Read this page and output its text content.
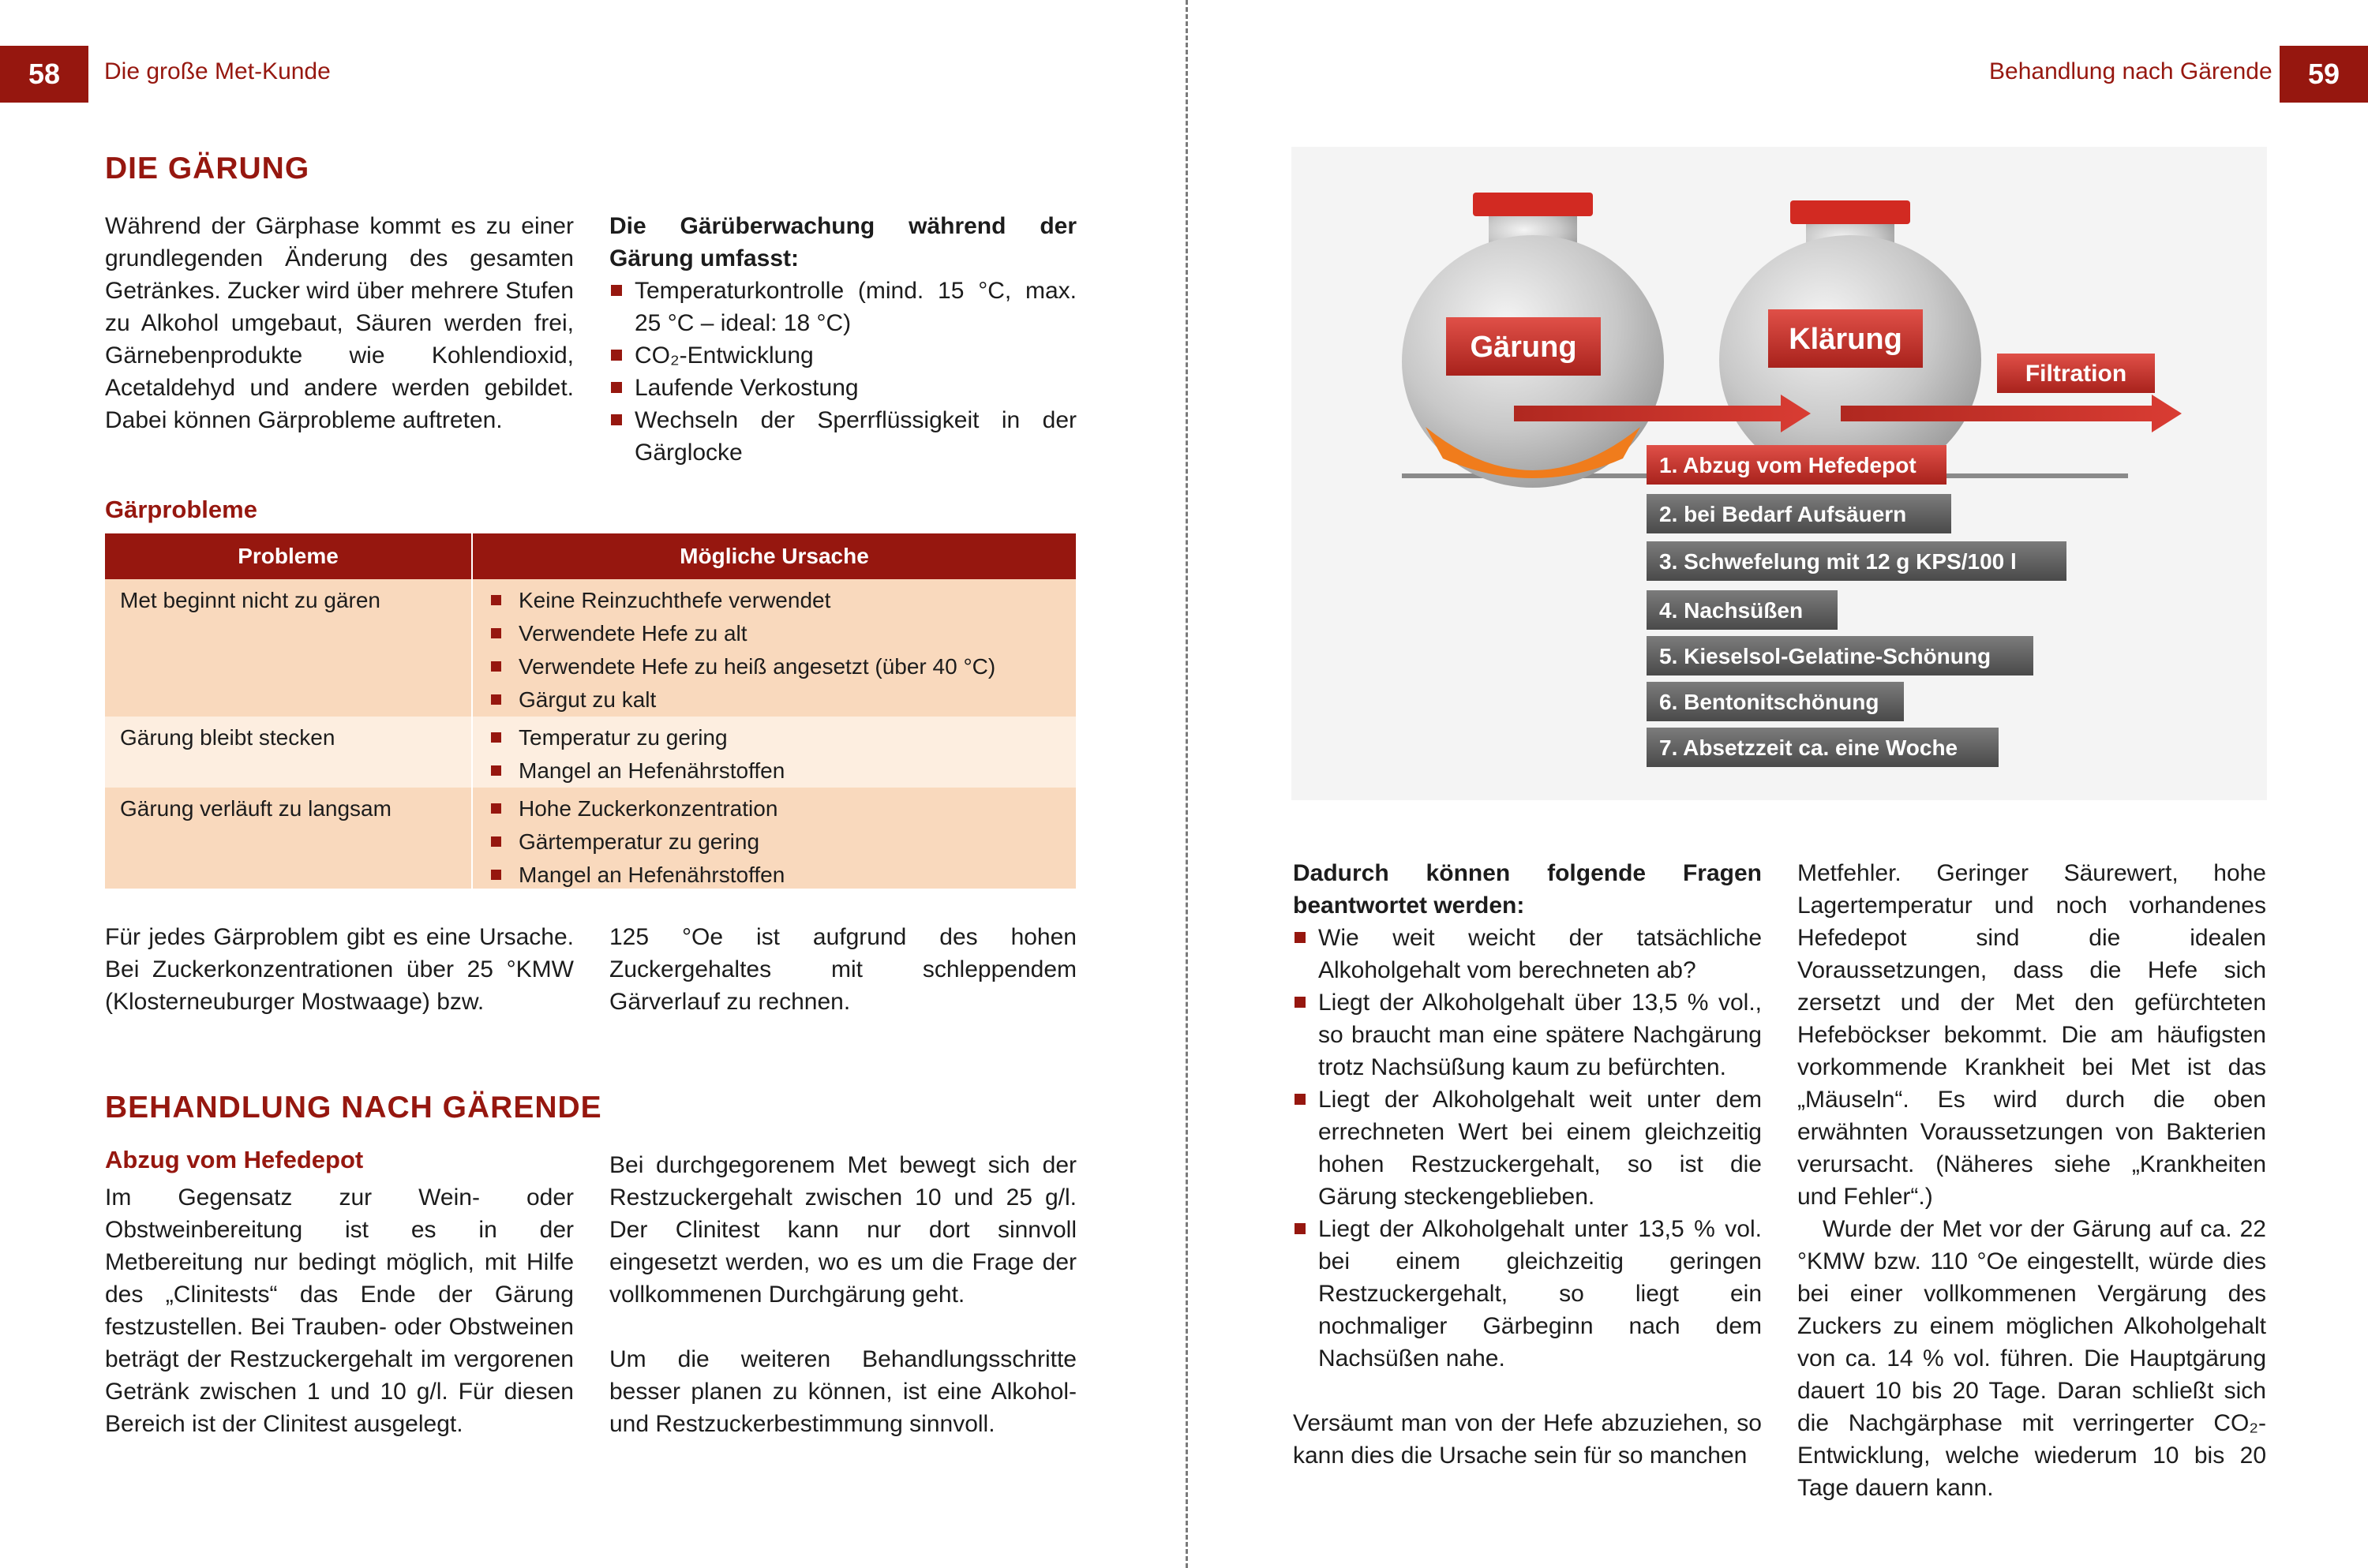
58	Die große Met-Kunde
DIE GÄRUNG

Während der Gärphase kommt es zu einer grundlegenden Änderung des gesamten Getränkes. Zucker wird über mehrere Stufen zu Alkohol umgebaut, Säuren werden frei, Gärnebenprodukte wie Kohlendioxid, Acetaldehyd und andere werden gebildet. Dabei können Gärprobleme auftreten.

Die Gärüberwachung während der Gärung umfasst:

Temperaturkontrolle (mind. 15 °C, max. 25 °C – ideal: 18 °C)
CO₂-Entwicklung
Laufende Verkostung
Wechseln der Sperrflüssigkeit in der Gärglocke
Gärprobleme
Probleme	Mögliche Ursache
Met beginnt nicht zu gären	Keine Reinzuchthefe verwendet
Verwendete Hefe zu alt
Verwendete Hefe zu heiß angesetzt (über 40 °C)
Gärgut zu kalt
Gärung bleibt stecken	Temperatur zu gering
Mangel an Hefenährstoffen
Gärung verläuft zu langsam	Hohe Zuckerkonzentration
Gärtemperatur zu gering
Mangel an Hefenährstoffen
Für jedes Gärproblem gibt es eine Ursache. Bei Zuckerkonzentrationen über 25 °KMW (Klosterneuburger Mostwaage) bzw.
125 °Oe ist aufgrund des hohen Zuckergehaltes mit schleppendem Gärverlauf zu rechnen.
BEHANDLUNG NACH GÄRENDE
Abzug vom Hefedepot
Im Gegensatz zur Wein- oder Obstweinbereitung ist es in der Metbereitung nur bedingt möglich, mit Hilfe des „Clinitests“ das Ende der Gärung festzustellen. Bei Trauben- oder Obstweinen beträgt der Restzuckergehalt im vergorenen Getränk zwischen 1 und 10 g/l. Für diesen Bereich ist der Clinitest ausgelegt.

Bei durchgegorenem Met bewegt sich der Restzuckergehalt zwischen 10 und 25 g/l. Der Clinitest kann nur dort sinnvoll eingesetzt werden, wo es um die Frage der vollkommenen Durchgärung geht.

Um die weiteren Behandlungsschritte besser planen zu können, ist eine Alkohol- und Restzuckerbestimmung sinnvoll.

Behandlung nach Gärende	59
Gärung	Klärung
Filtration
1. Abzug vom Hefedepot
2. bei Bedarf Aufsäuern
3. Schwefelung mit 12 g KPS/100 l
4. Nachsüßen
5. Kieselsol-Gelatine-Schönung
6. Bentonitschönung
7. Absetzzeit ca. eine Woche

Dadurch können folgende Fragen beantwortet werden:

Wie weit weicht der tatsächliche Alkoholgehalt vom berechneten ab?
Liegt der Alkoholgehalt über 13,5 % vol., so braucht man eine spätere Nachgärung trotz Nachsüßung kaum zu befürchten.
Liegt der Alkoholgehalt weit unter dem errechneten Wert bei einem gleichzeitig hohen Restzuckergehalt, so ist die Gärung steckengeblieben.
Liegt der Alkoholgehalt unter 13,5 % vol. bei einem gleichzeitig geringen Restzuckergehalt, so liegt ein nochmaliger Gärbeginn nach dem Nachsüßen nahe.

Versäumt man von der Hefe abzuziehen, so kann dies die Ursache sein für so manchen

Metfehler. Geringer Säurewert, hohe Lagertemperatur und noch vorhandenes Hefedepot sind die idealen Voraussetzungen, dass die Hefe sich zersetzt und der Met den gefürchteten Hefeböckser bekommt. Die am häufigsten vorkommende Krankheit bei Met ist das „Mäuseln“. Es wird durch die oben erwähnten Voraussetzungen von Bakterien verursacht. (Näheres siehe „Krankheiten und Fehler“.)

Wurde der Met vor der Gärung auf ca. 22 °KMW bzw. 110 °Oe eingestellt, würde dies bei einer vollkommenen Vergärung des Zuckers zu einem möglichen Alkoholgehalt von ca. 14 % vol. führen. Die Hauptgärung dauert 10 bis 20 Tage. Daran schließt sich die Nachgärphase mit verringerter CO₂-Entwicklung, welche wiederum 10 bis 20 Tage dauern kann.
